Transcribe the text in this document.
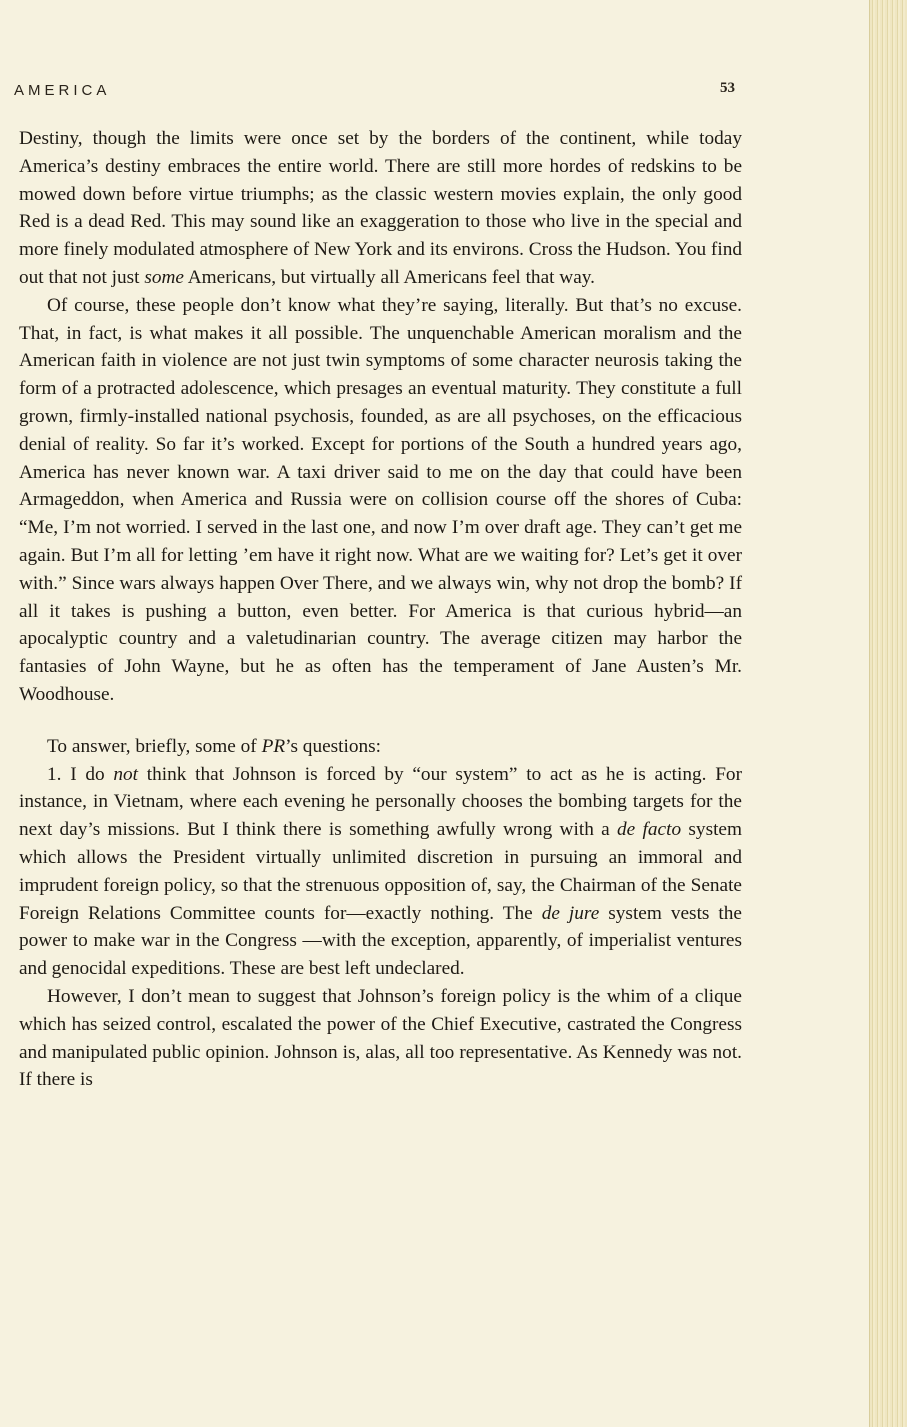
AMERICA	53

Destiny, though the limits were once set by the borders of the continent, while today America’s destiny embraces the entire world. There are still more hordes of redskins to be mowed down before virtue triumphs; as the classic western movies explain, the only good Red is a dead Red. This may sound like an exaggeration to those who live in the special and more finely modulated atmosphere of New York and its environs. Cross the Hudson. You find out that not just some Americans, but virtually all Americans feel that way.

Of course, these people don’t know what they’re saying, literally. But that’s no excuse. That, in fact, is what makes it all possible. The unquenchable American moralism and the American faith in violence are not just twin symptoms of some character neurosis taking the form of a protracted adolescence, which presages an eventual maturity. They constitute a full grown, firmly-installed national psychosis, founded, as are all psychoses, on the efficacious denial of reality. So far it’s worked. Except for portions of the South a hundred years ago, America has never known war. A taxi driver said to me on the day that could have been Armageddon, when America and Russia were on collision course off the shores of Cuba: “Me, I’m not worried. I served in the last one, and now I’m over draft age. They can’t get me again. But I’m all for letting ’em have it right now. What are we waiting for? Let’s get it over with.” Since wars always happen Over There, and we always win, why not drop the bomb? If all it takes is pushing a button, even better. For America is that curious hybrid—an apocalyptic country and a valetudinarian country. The average citizen may harbor the fantasies of John Wayne, but he as often has the temperament of Jane Austen’s Mr. Woodhouse.

To answer, briefly, some of PR’s questions:

1. I do not think that Johnson is forced by “our system” to act as he is acting. For instance, in Vietnam, where each evening he personally chooses the bombing targets for the next day’s missions. But I think there is something awfully wrong with a de facto system which allows the President virtually unlimited discretion in pursuing an immoral and imprudent foreign policy, so that the strenuous opposition of, say, the Chairman of the Senate Foreign Relations Committee counts for—exactly nothing. The de jure system vests the power to make war in the Congress —with the exception, apparently, of imperialist ventures and genocidal expeditions. These are best left undeclared.

However, I don’t mean to suggest that Johnson’s foreign policy is the whim of a clique which has seized control, escalated the power of the Chief Executive, castrated the Congress and manipulated public opinion. Johnson is, alas, all too representative. As Kennedy was not. If there is
